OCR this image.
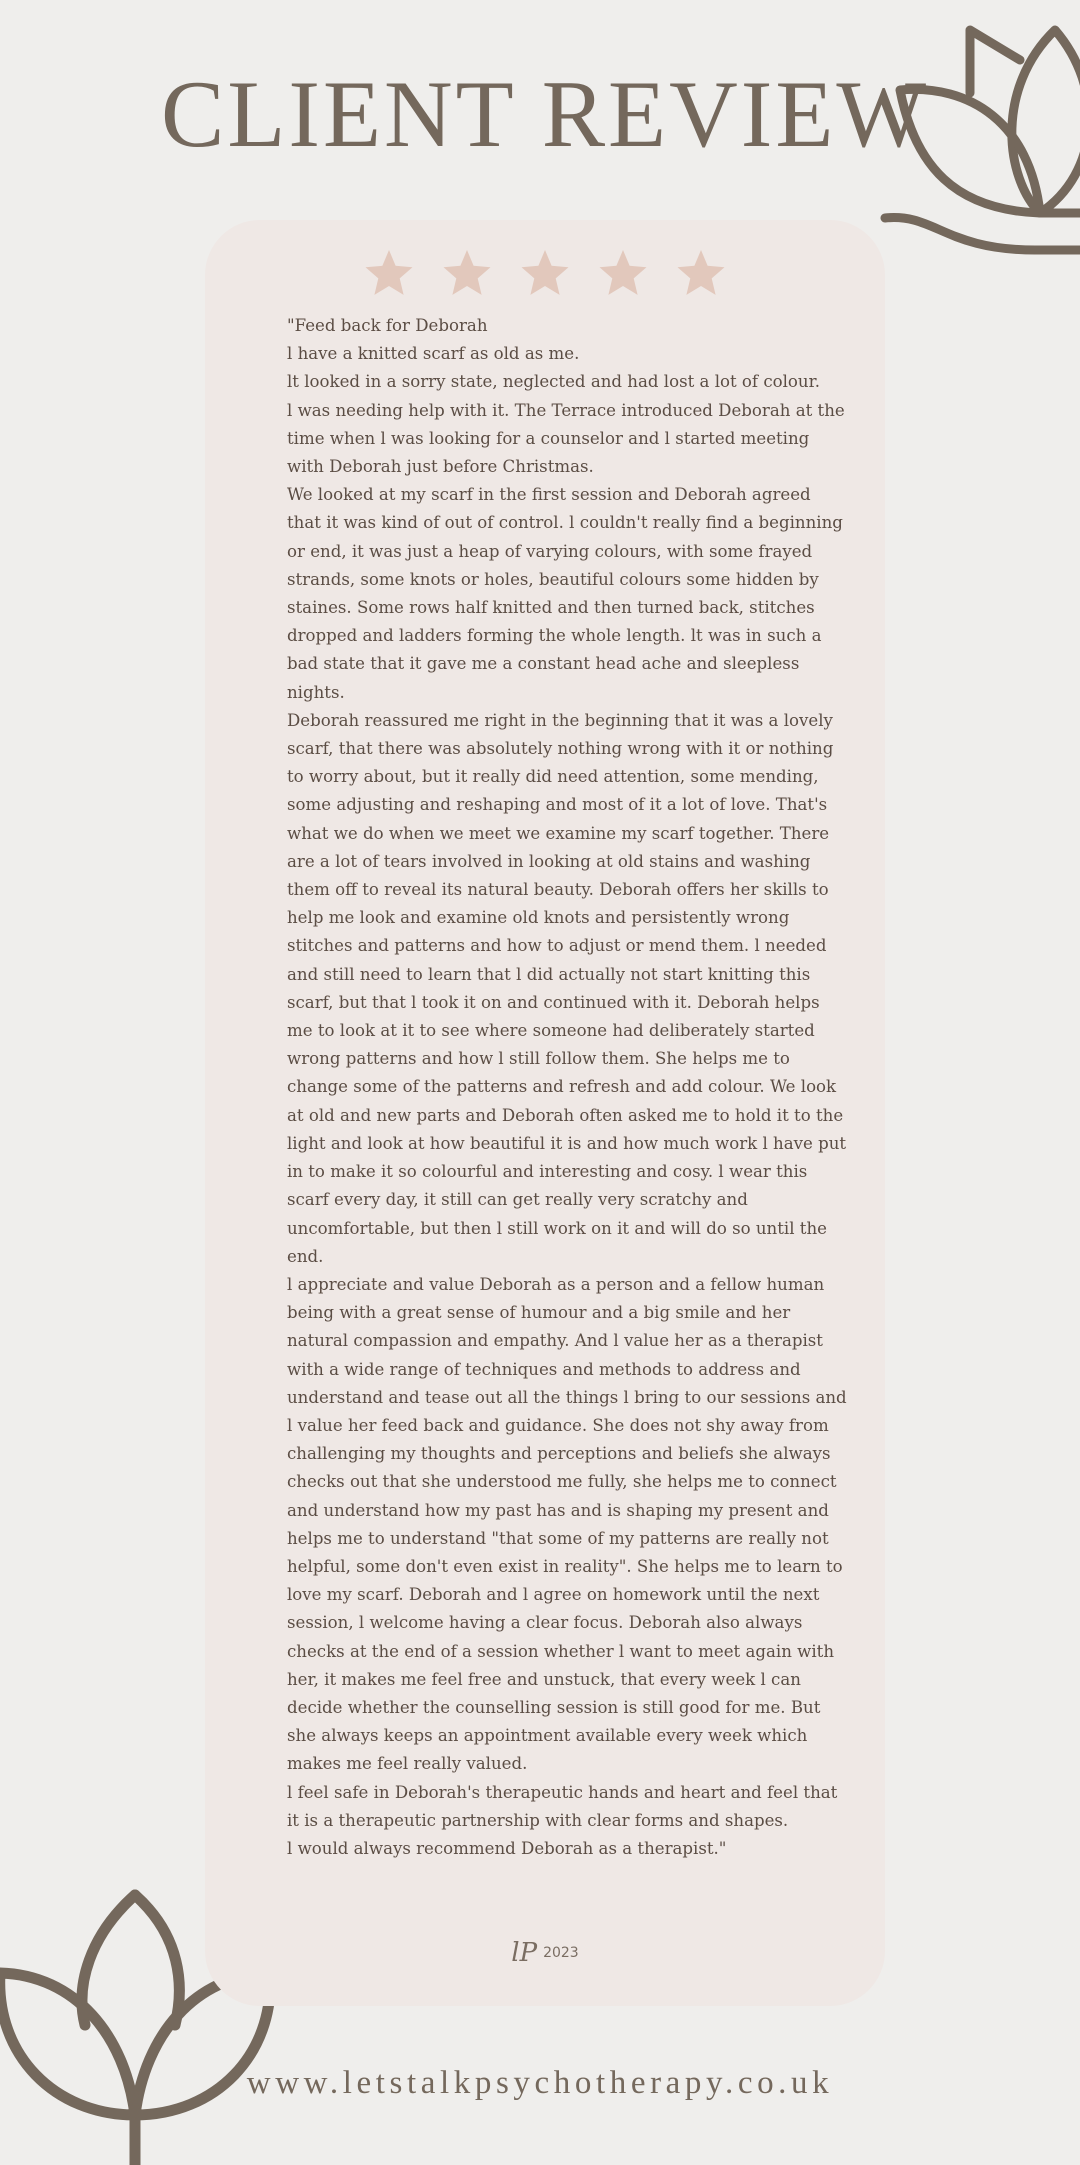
CLIENT REVIEW

"Feed back for Deborah

l have a knitted scarf as old as me.

lt looked in a sorry state, neglected and had lost a lot of colour.

l was needing help with it. The Terrace introduced Deborah at the time when l was looking for a counselor and l started meeting with Deborah just before Christmas.

We looked at my scarf in the first session and Deborah agreed that it was kind of out of control. l couldn't really find a beginning or end, it was just a heap of varying colours, with some frayed strands, some knots or holes, beautiful colours some hidden by staines. Some rows half knitted and then turned back, stitches dropped and ladders forming the whole length. lt was in such a bad state that it gave me a constant head ache and sleepless nights.

Deborah reassured me right in the beginning that it was a lovely scarf, that there was absolutely nothing wrong with it or nothing to worry about, but it really did need attention, some mending, some adjusting and reshaping and most of it a lot of love. That's what we do when we meet we examine my scarf together. There are a lot of tears involved in looking at old stains and washing them off to reveal its natural beauty. Deborah offers her skills to help me look and examine old knots and persistently wrong stitches and patterns and how to adjust or mend them. l needed and still need to learn that l did actually not start knitting this scarf, but that l took it on and continued with it. Deborah helps me to look at it to see where someone had deliberately started wrong patterns and how l still follow them. She helps me to change some of the patterns and refresh and add colour. We look at old and new parts and Deborah often asked me to hold it to the light and look at how beautiful it is and how much work l have put in to make it so colourful and interesting and cosy. l wear this scarf every day, it still can get really very scratchy and uncomfortable, but then l still work on it and will do so until the end.

l appreciate and value Deborah as a person and a fellow human being with a great sense of humour and a big smile and her natural compassion and empathy. And l value her as a therapist with a wide range of techniques and methods to address and understand and tease out all the things l bring to our sessions and l value her feed back and guidance. She does not shy away from challenging my thoughts and perceptions and beliefs she always checks out that she understood me fully, she helps me to connect and understand how my past has and is shaping my present and helps me to understand "that some of my patterns are really not helpful, some don't even exist in reality". She helps me to learn to love my scarf. Deborah and l agree on homework until the next session, l welcome having a clear focus. Deborah also always checks at the end of a session whether l want to meet again with her, it makes me feel free and unstuck, that every week l can decide whether the counselling session is still good for me. But she always keeps an appointment available every week which makes me feel really valued.

l feel safe in Deborah's therapeutic hands and heart and feel that it is a therapeutic partnership with clear forms and shapes.

l would always recommend Deborah as a therapist."

lP 2023
www.letstalkpsychotherapy.co.uk
